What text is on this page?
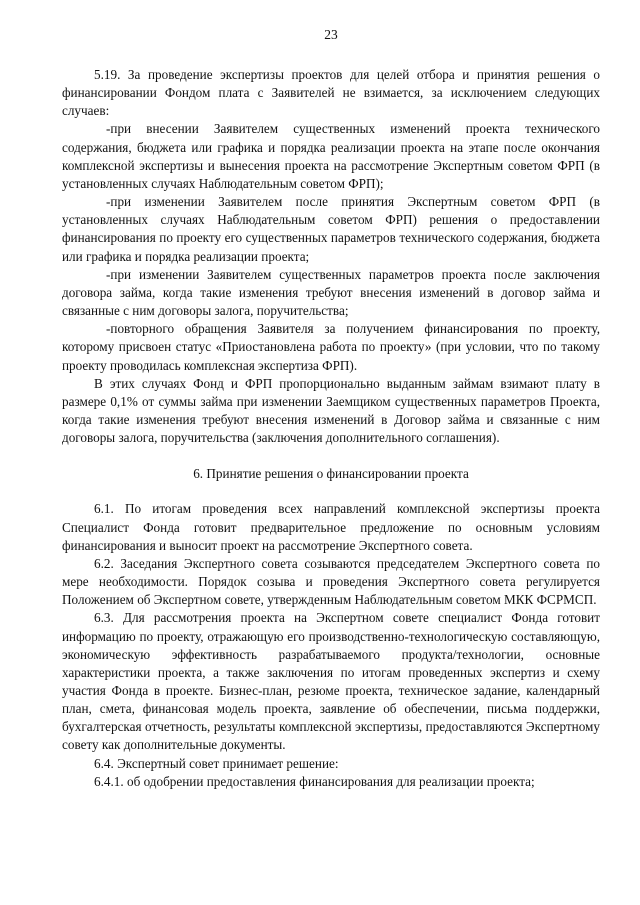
23

5.19. За проведение экспертизы проектов для целей отбора и принятия решения о финансировании Фондом плата с Заявителей не взимается, за исключением следующих случаев:

-при внесении Заявителем существенных изменений проекта технического содержания, бюджета или графика и порядка реализации проекта на этапе после окончания комплексной экспертизы и вынесения проекта на рассмотрение Экспертным советом ФРП (в установленных случаях Наблюдательным советом ФРП);

-при изменении Заявителем после принятия Экспертным советом ФРП (в установленных случаях Наблюдательным советом ФРП) решения о предоставлении финансирования по проекту его существенных параметров технического содержания, бюджета или графика и порядка реализации проекта;

-при изменении Заявителем существенных параметров проекта после заключения договора займа, когда такие изменения требуют внесения изменений в договор займа и связанные с ним договоры залога, поручительства;

-повторного обращения Заявителя за получением финансирования по проекту, которому присвоен статус «Приостановлена работа по проекту» (при условии, что по такому проекту проводилась комплексная экспертиза ФРП).

В этих случаях Фонд и ФРП пропорционально выданным займам взимают плату в размере 0,1% от суммы займа при изменении Заемщиком существенных параметров Проекта, когда такие изменения требуют внесения изменений в Договор займа и связанные с ним договоры залога, поручительства (заключения дополнительного соглашения).

6. Принятие решения о финансировании проекта

6.1. По итогам проведения всех направлений комплексной экспертизы проекта Специалист Фонда готовит предварительное предложение по основным условиям финансирования и выносит проект на рассмотрение Экспертного совета.

6.2. Заседания Экспертного совета созываются председателем Экспертного совета по мере необходимости. Порядок созыва и проведения Экспертного совета регулируется Положением об Экспертном совете, утвержденным Наблюдательным советом МКК ФСРМСП.

6.3. Для рассмотрения проекта на Экспертном совете специалист Фонда готовит информацию по проекту, отражающую его производственно-технологическую составляющую, экономическую эффективность разрабатываемого продукта/технологии, основные характеристики проекта, а также заключения по итогам проведенных экспертиз и схему участия Фонда в проекте. Бизнес-план, резюме проекта, техническое задание, календарный план, смета, финансовая модель проекта, заявление об обеспечении, письма поддержки, бухгалтерская отчетность, результаты комплексной экспертизы, предоставляются Экспертному совету как дополнительные документы.

6.4. Экспертный совет принимает решение:

6.4.1. об одобрении предоставления финансирования для реализации проекта;
